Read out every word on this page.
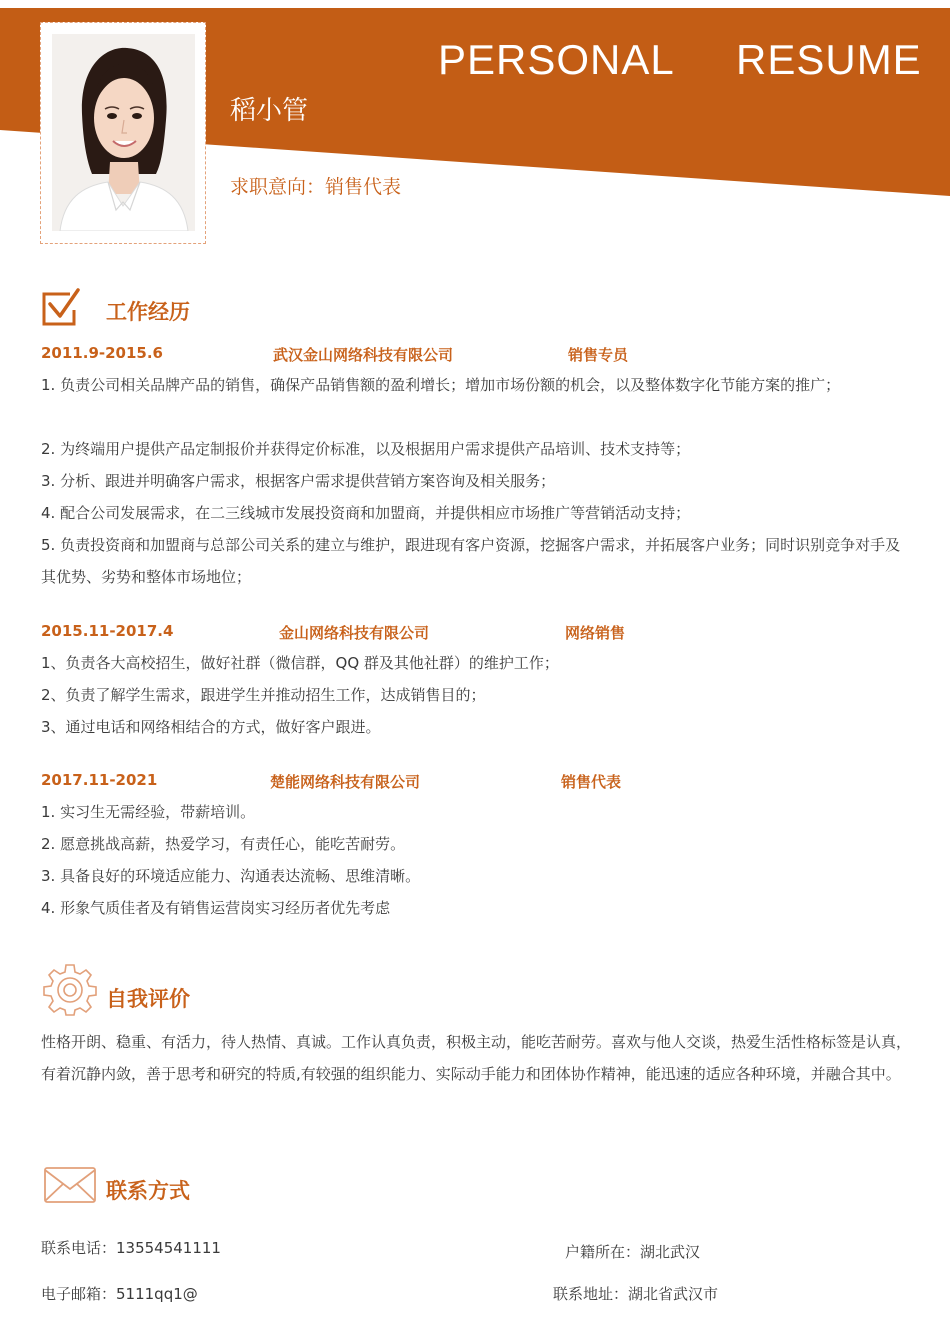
PERSONAL RESUME
稻小管
求职意向：销售代表
工作经历
2011.9-2015.6	武汉金山网络科技有限公司	销售专员
1. 负责公司相关品牌产品的销售，确保产品销售额的盈利增长；增加市场份额的机会，以及整体数字化节能方案的推广；
2. 为终端用户提供产品定制报价并获得定价标准，以及根据用户需求提供产品培训、技术支持等；
3. 分析、跟进并明确客户需求，根据客户需求提供营销方案咨询及相关服务；
4. 配合公司发展需求，在二三线城市发展投资商和加盟商，并提供相应市场推广等营销活动支持；
5. 负责投资商和加盟商与总部公司关系的建立与维护，跟进现有客户资源，挖掘客户需求，并拓展客户业务；同时识别竞争对手及其优势、劣势和整体市场地位；
2015.11-2017.4	金山网络科技有限公司	网络销售
1、负责各大高校招生，做好社群（微信群，QQ 群及其他社群）的维护工作；
2、负责了解学生需求，跟进学生并推动招生工作，达成销售目的；
3、通过电话和网络相结合的方式，做好客户跟进。
2017.11-2021	楚能网络科技有限公司	销售代表
1. 实习生无需经验，带薪培训。
2. 愿意挑战高薪，热爱学习，有责任心，能吃苦耐劳。
3. 具备良好的环境适应能力、沟通表达流畅、思维清晰。
4. 形象气质佳者及有销售运营岗实习经历者优先考虑
自我评价
性格开朗、稳重、有活力，待人热情、真诚。工作认真负责，积极主动，能吃苦耐劳。喜欢与他人交谈，热爱生活性格标签是认真，有着沉静内敛，善于思考和研究的特质,有较强的组织能力、实际动手能力和团体协作精神，能迅速的适应各种环境，并融合其中。
联系方式
联系电话：13554541111	户籍所在：湖北武汉
电子邮箱：5111qq1@	联系地址：湖北省武汉市
